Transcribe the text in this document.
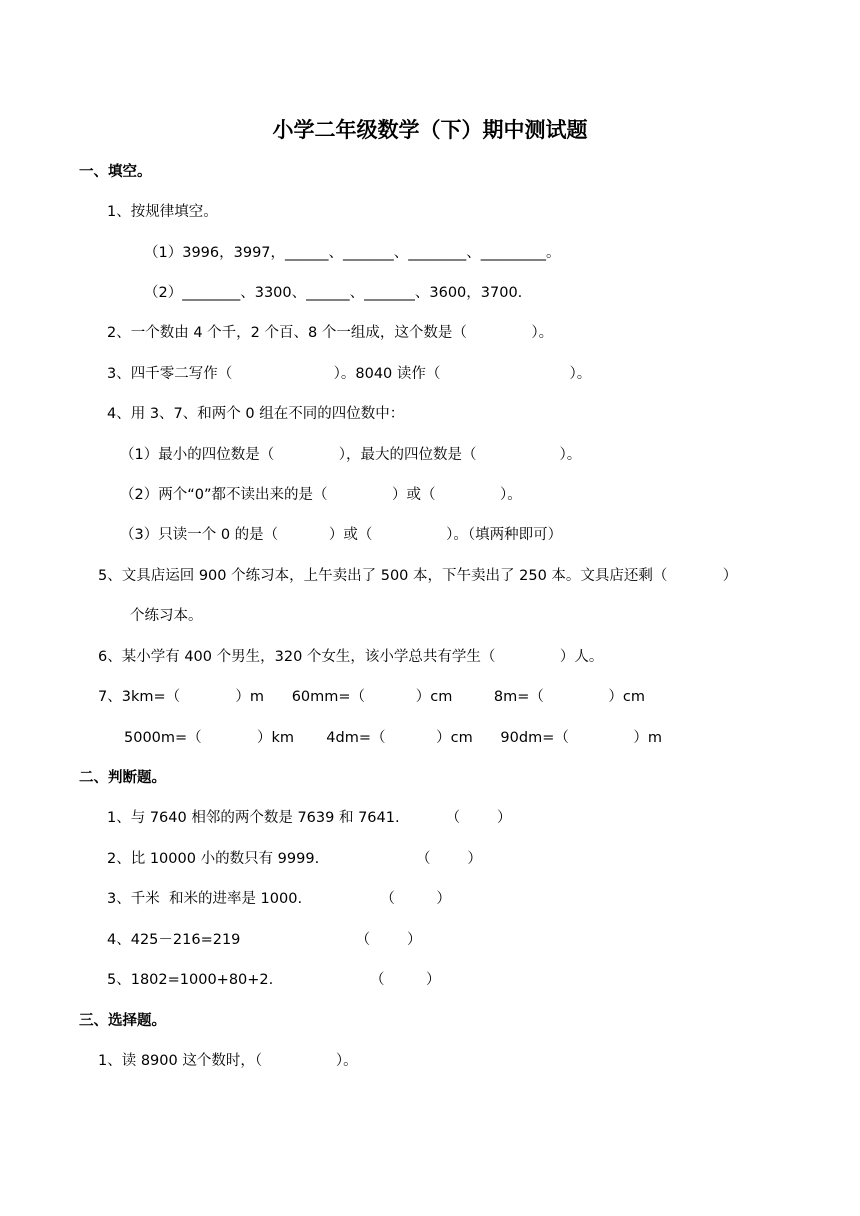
小学二年级数学（下）期中测试题
一、填空。
1、按规律填空。
（1）3996，3997，______、_______、________、_________。
（2）________、3300、______、_______、3600，3700.
2、一个数由 4 个千，2 个百、8 个一组成，这个数是（              ）。
3、四千零二写作（                      ）。8040 读作（                            ）。
4、用 3、7、和两个 0 组在不同的四位数中：
（1）最小的四位数是（              ），最大的四位数是（                  ）。
（2）两个“0”都不读出来的是（              ）或（              ）。
（3）只读一个 0 的是（           ）或（                ）。（填两种即可）
5、文具店运回 900 个练习本，上午卖出了 500 本，下午卖出了 250 本。文具店还剩（            ）
个练习本。
6、某小学有 400 个男生，320 个女生，该小学总共有学生（              ）人。
7、3km=（            ）m      60mm=（           ）cm         8m=（              ）cm
5000m=（            ）km       4dm=（           ）cm      90dm=（              ）m
二、判断题。
1、与 7640 相邻的两个数是 7639 和 7641.          （        ）
2、比 10000 小的数只有 9999.                     （        ）
3、千米  和米的进率是 1000.                 （         ）
4、425－216=219                         （        ）
5、1802=1000+80+2.                     （         ）
三、选择题。
1、读 8900 这个数时，（                ）。
